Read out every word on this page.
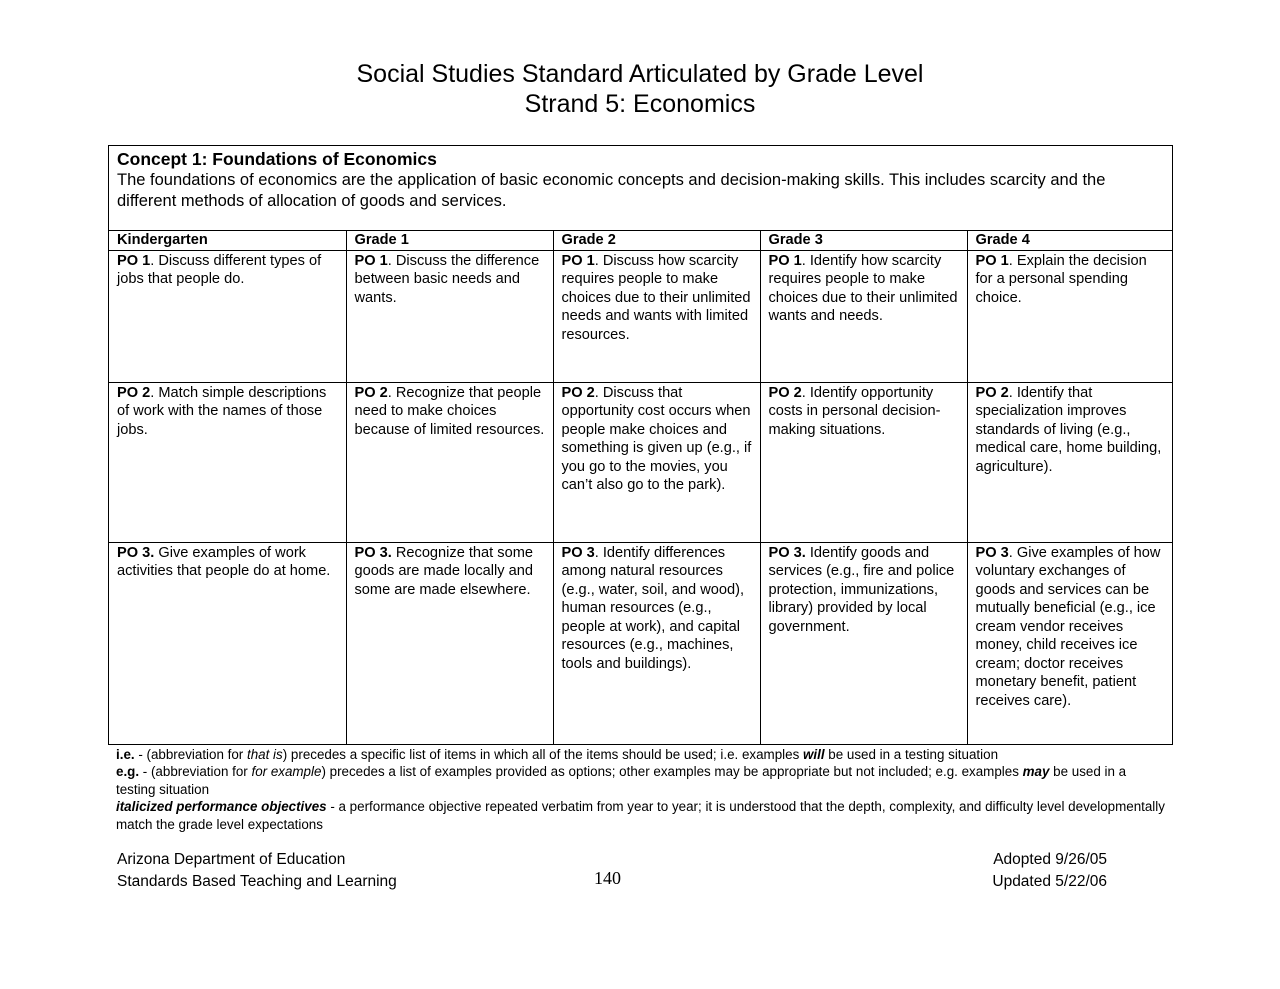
Social Studies Standard Articulated by Grade Level
Strand 5: Economics
Concept 1: Foundations of Economics
The foundations of economics are the application of basic economic concepts and decision-making skills. This includes scarcity and the different methods of allocation of goods and services.
Kindergarten	Grade 1	Grade 2	Grade 3	Grade 4
PO 1. Discuss different types of jobs that people do.	PO 1. Discuss the difference between basic needs and wants.	PO 1. Discuss how scarcity requires people to make choices due to their unlimited needs and wants with limited resources.	PO 1. Identify how scarcity requires people to make choices due to their unlimited wants and needs.	PO 1. Explain the decision for a personal spending choice.
PO 2. Match simple descriptions of work with the names of those jobs.	PO 2. Recognize that people need to make choices because of limited resources.	PO 2. Discuss that opportunity cost occurs when people make choices and something is given up (e.g., if you go to the movies, you can’t also go to the park).	PO 2. Identify opportunity costs in personal decision-making situations.	PO 2. Identify that specialization improves standards of living (e.g., medical care, home building, agriculture).
PO 3. Give examples of work activities that people do at home.	PO 3. Recognize that some goods are made locally and some are made elsewhere.	PO 3. Identify differences among natural resources (e.g., water, soil, and wood), human resources (e.g., people at work), and capital resources (e.g., machines, tools and buildings).	PO 3. Identify goods and services (e.g., fire and police protection, immunizations, library) provided by local government.	PO 3. Give examples of how voluntary exchanges of goods and services can be mutually beneficial (e.g., ice cream vendor receives money, child receives ice cream; doctor receives monetary benefit, patient receives care).
i.e. - (abbreviation for that is) precedes a specific list of items in which all of the items should be used; i.e. examples will be used in a testing situation
e.g. - (abbreviation for for example) precedes a list of examples provided as options; other examples may be appropriate but not included; e.g. examples may be used in a testing situation
italicized performance objectives - a performance objective repeated verbatim from year to year; it is understood that the depth, complexity, and difficulty level developmentally match the grade level expectations
Arizona Department of Education
Standards Based Teaching and Learning
Adopted 9/26/05
Updated 5/22/06
140
